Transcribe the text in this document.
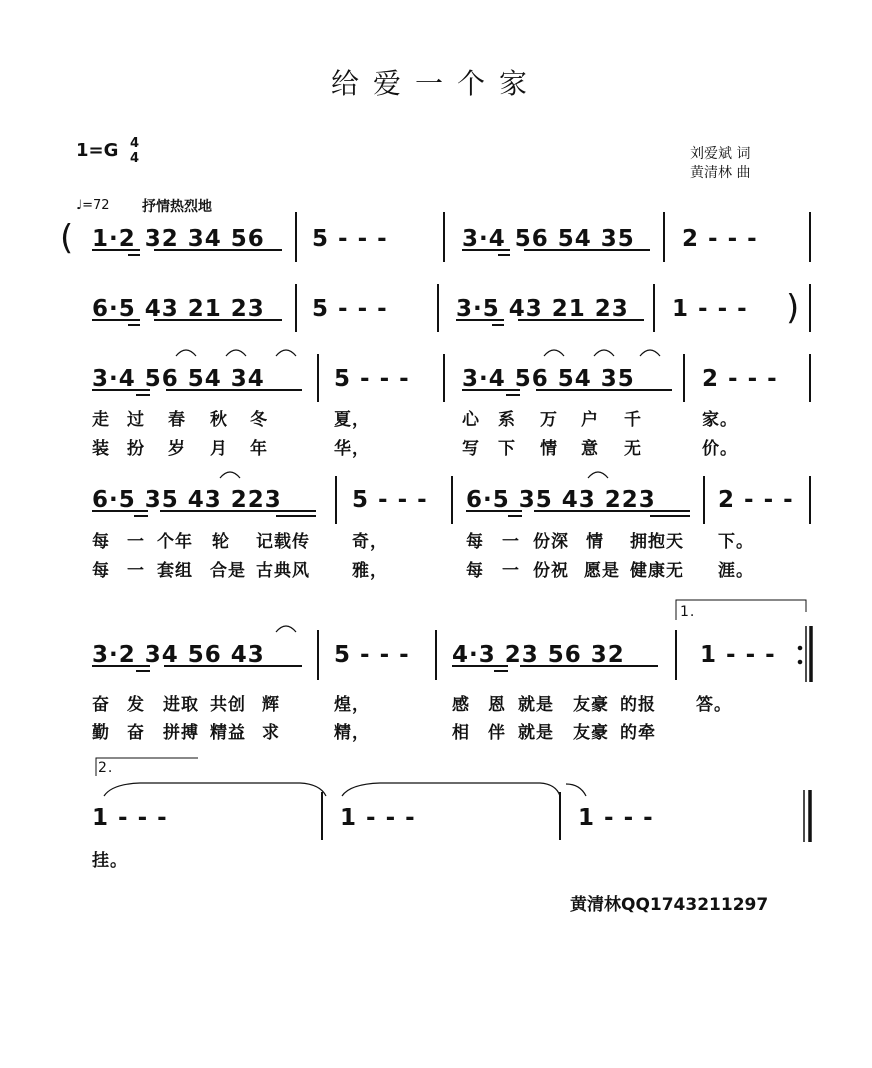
给爱一个家
1=G 4
4	刘爱斌 词
黄清林 曲
♩=72 抒情热烈地
( 1·2 32 34 56 5 - - -	3·4 56 54 35 2 - - -
6·5 43 21 23 5 - - -	3·5 43 21 23 1 - - - )
3·4 56 54 34	5 - - - 3·4 56 54 35	2 - - -
走 过 春 秋 冬	夏，	心 系 万 户 千	家。
装 扮 岁 月 年	华，	写 下 情 意 无	价。
6·5 35 43 223	5 - - - 6·5 35 43 223	2 - - -
每 一 个年 轮 记载传 奇，	每 一 份深 情 拥抱天 下。
每 一 套组 合是 古典风 雅，	每 一 份祝 愿是 健康无 涯。
1.
3·2 34 56 43	5 - - - 4·3 23 56 32	1 - - -
奋 发 进取 共创 辉	煌，	感 恩 就是 友豪 的报 答。
勤 奋 拼搏 精益 求	精，	相 伴 就是 友豪 的牵
2.
1 - - -	1 - - -	1 - - -
挂。
黄清林QQ1743211297
